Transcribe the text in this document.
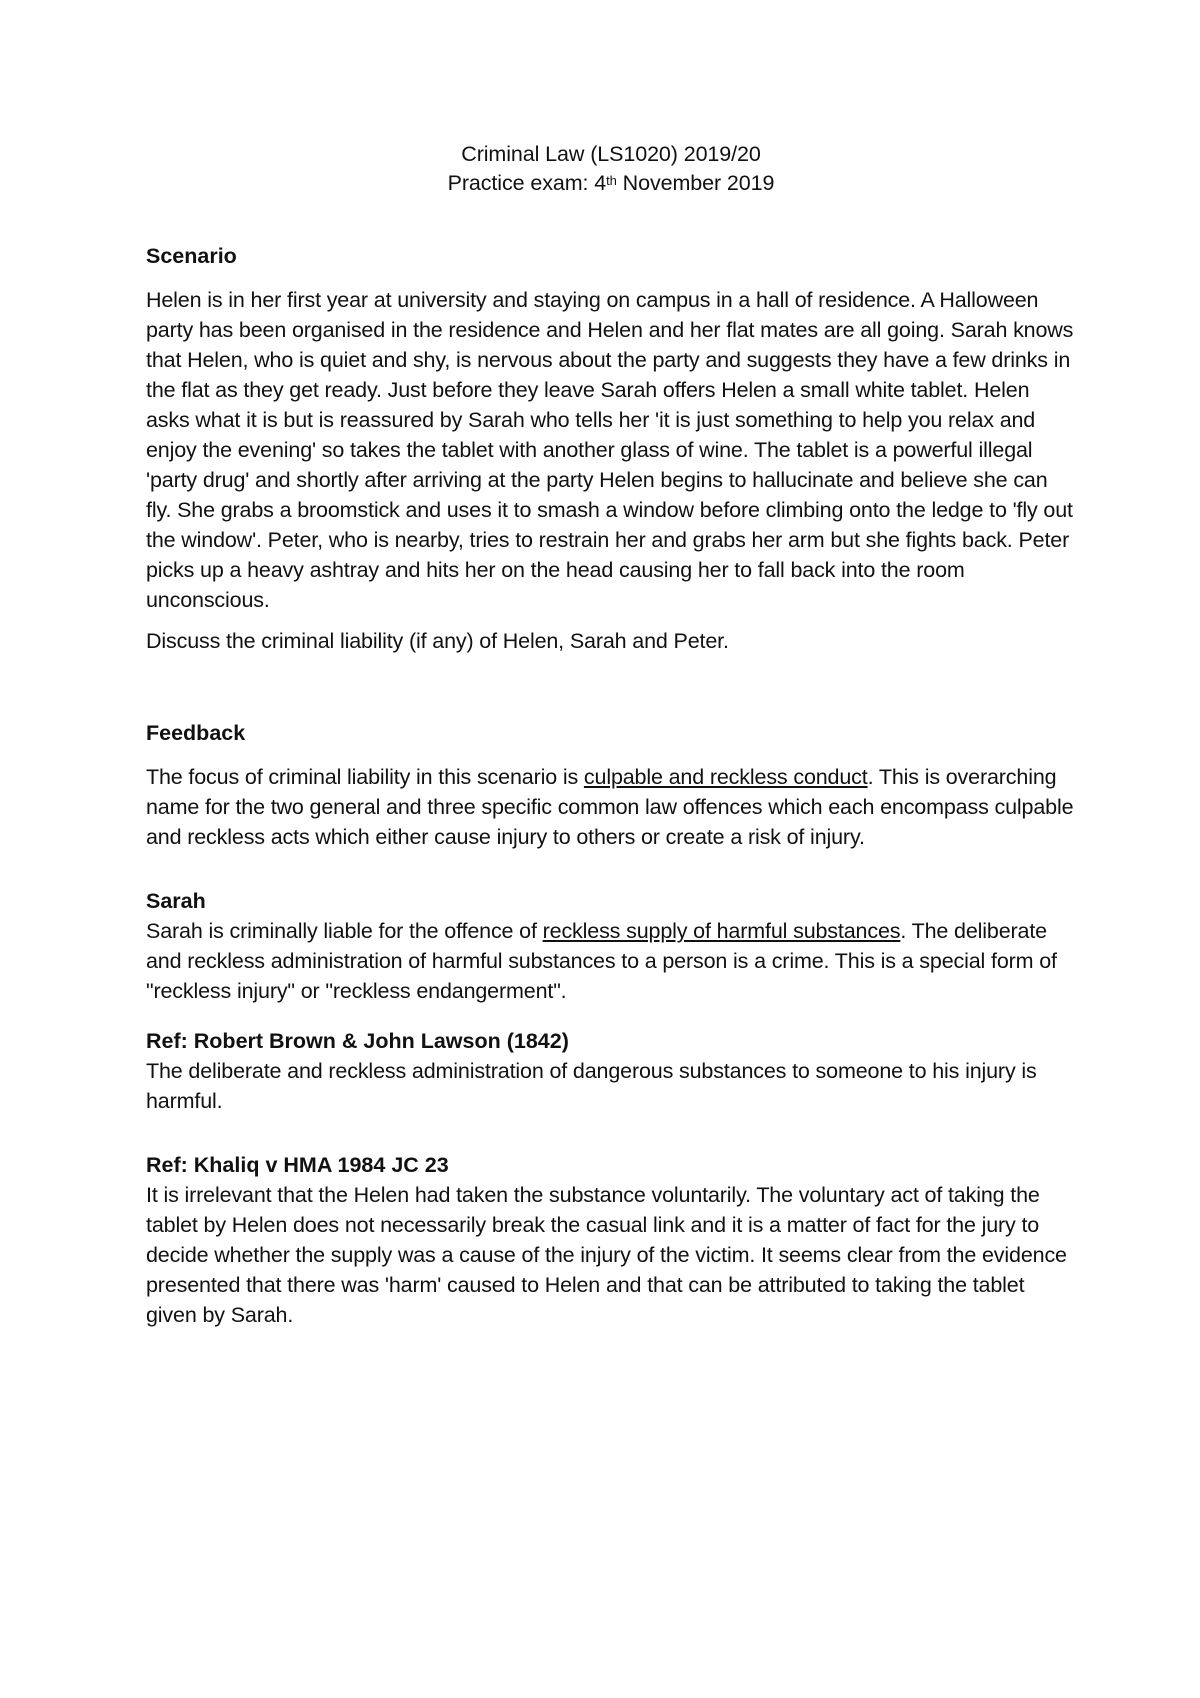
Criminal Law (LS1020) 2019/20
Practice exam: 4th November 2019
Scenario

Helen is in her first year at university and staying on campus in a hall of residence. A Halloween party has been organised in the residence and Helen and her flat mates are all going. Sarah knows that Helen, who is quiet and shy, is nervous about the party and suggests they have a few drinks in the flat as they get ready. Just before they leave Sarah offers Helen a small white tablet. Helen asks what it is but is reassured by Sarah who tells her 'it is just something to help you relax and enjoy the evening' so takes the tablet with another glass of wine. The tablet is a powerful illegal 'party drug' and shortly after arriving at the party Helen begins to hallucinate and believe she can fly. She grabs a broomstick and uses it to smash a window before climbing onto the ledge to 'fly out the window'. Peter, who is nearby, tries to restrain her and grabs her arm but she fights back. Peter picks up a heavy ashtray and hits her on the head causing her to fall back into the room unconscious.

Discuss the criminal liability (if any) of Helen, Sarah and Peter.

Feedback

The focus of criminal liability in this scenario is culpable and reckless conduct. This is overarching name for the two general and three specific common law offences which each encompass culpable and reckless acts which either cause injury to others or create a risk of injury.

Sarah

Sarah is criminally liable for the offence of reckless supply of harmful substances. The deliberate and reckless administration of harmful substances to a person is a crime. This is a special form of "reckless injury" or "reckless endangerment".

Ref: Robert Brown & John Lawson (1842)

The deliberate and reckless administration of dangerous substances to someone to his injury is harmful.

Ref: Khaliq v HMA 1984 JC 23

It is irrelevant that the Helen had taken the substance voluntarily. The voluntary act of taking the tablet by Helen does not necessarily break the casual link and it is a matter of fact for the jury to decide whether the supply was a cause of the injury of the victim. It seems clear from the evidence presented that there was 'harm' caused to Helen and that can be attributed to taking the tablet given by Sarah.
